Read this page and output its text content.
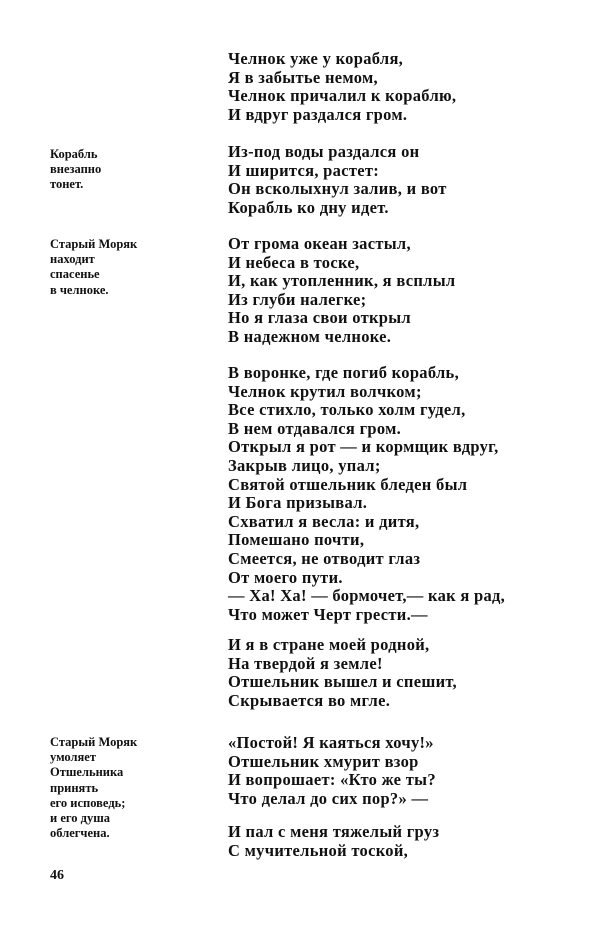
Челнок уже у корабля,
Я в забытье немом,
Челнок причалил к кораблю,
И вдруг раздался гром.
Из-под воды раздался он
И ширится, растет:
Он всколыхнул залив, и вот
Корабль ко дну идет.
От грома океан застыл,
И небеса в тоске,
И, как утопленник, я всплыл
Из глуби налегке;
Но я глаза свои открыл
В надежном челноке.
В воронке, где погиб корабль,
Челнок крутил волчком;
Все стихло, только холм гудел,
В нем отдавался гром.
Открыл я рот — и кормщик вдруг,
Закрыв лицо, упал;
Святой отшельник бледен был
И Бога призывал.
Схватил я весла: и дитя,
Помешано почти,
Смеется, не отводит глаз
От моего пути.
— Ха! Ха! — бормочет,— как я рад,
Что может Черт грести.—
И я в стране моей родной,
На твердой я земле!
Отшельник вышел и спешит,
Скрывается во мгле.
«Постой! Я каяться хочу!»
Отшельник хмурит взор
И вопрошает: «Кто же ты?
Что делал до сих пор?» —
И пал с меня тяжелый груз
С мучительной тоской,
Корабль
внезапно
тонет.
Старый Моряк
находит
спасенье
в челноке.
Старый Моряк
умоляет
Отшельника
принять
его исповедь;
и его душа
облегчена.
46
